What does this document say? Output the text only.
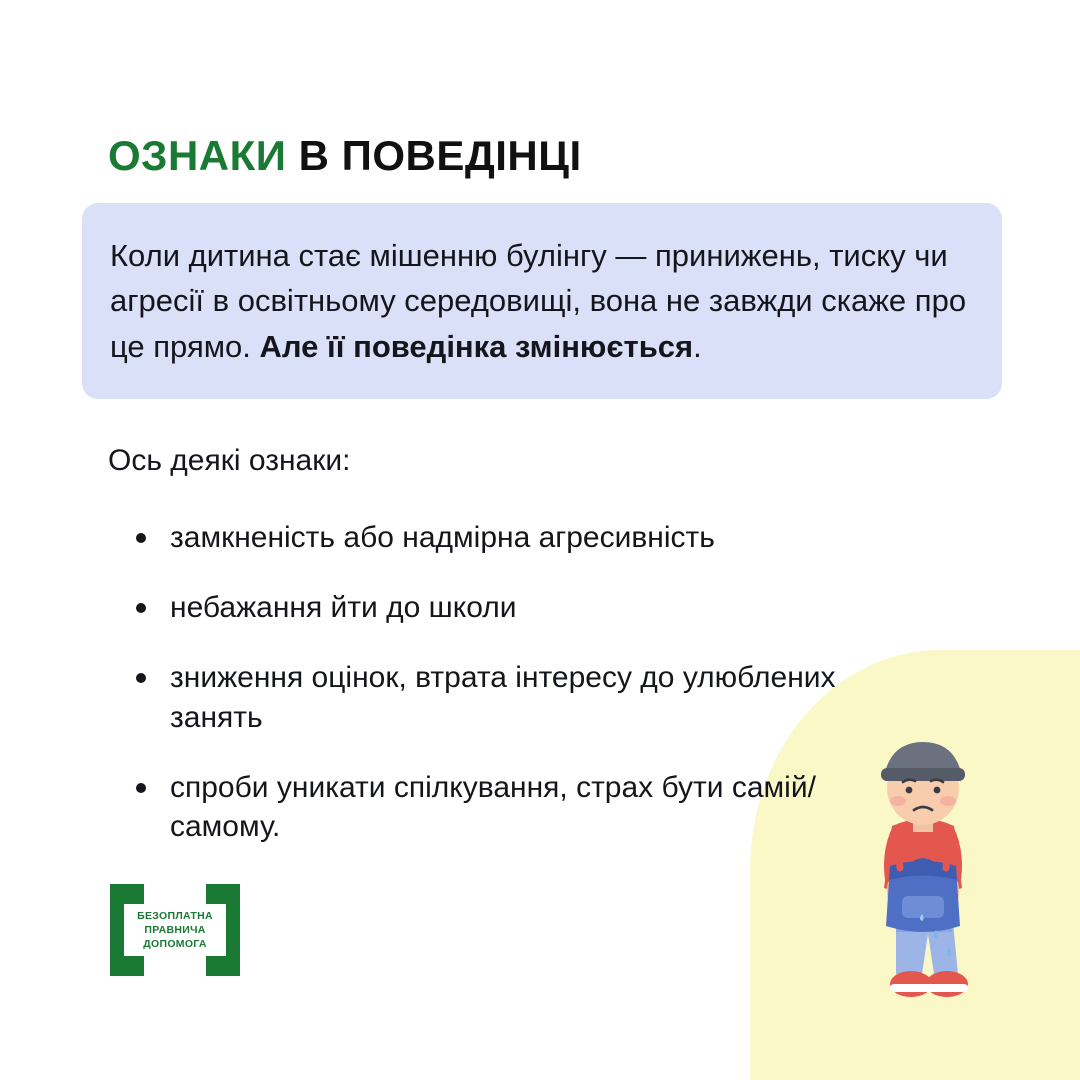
ОЗНАКИ В ПОВЕДІНЦІ

Коли дитина стає мішенню булінгу — принижень, тиску чи агресії в освітньому середовищі, вона не завжди скаже про це прямо. Але її поведінка змінюється.

Ось деякі ознаки:
замкненість або надмірна агресивність
небажання йти до школи
зниження оцінок, втрата інтересу до улюблених занять
спроби уникати спілкування, страх бути самій/самому.
БЕЗОПЛАТНА
ПРАВНИЧА
ДОПОМОГА
